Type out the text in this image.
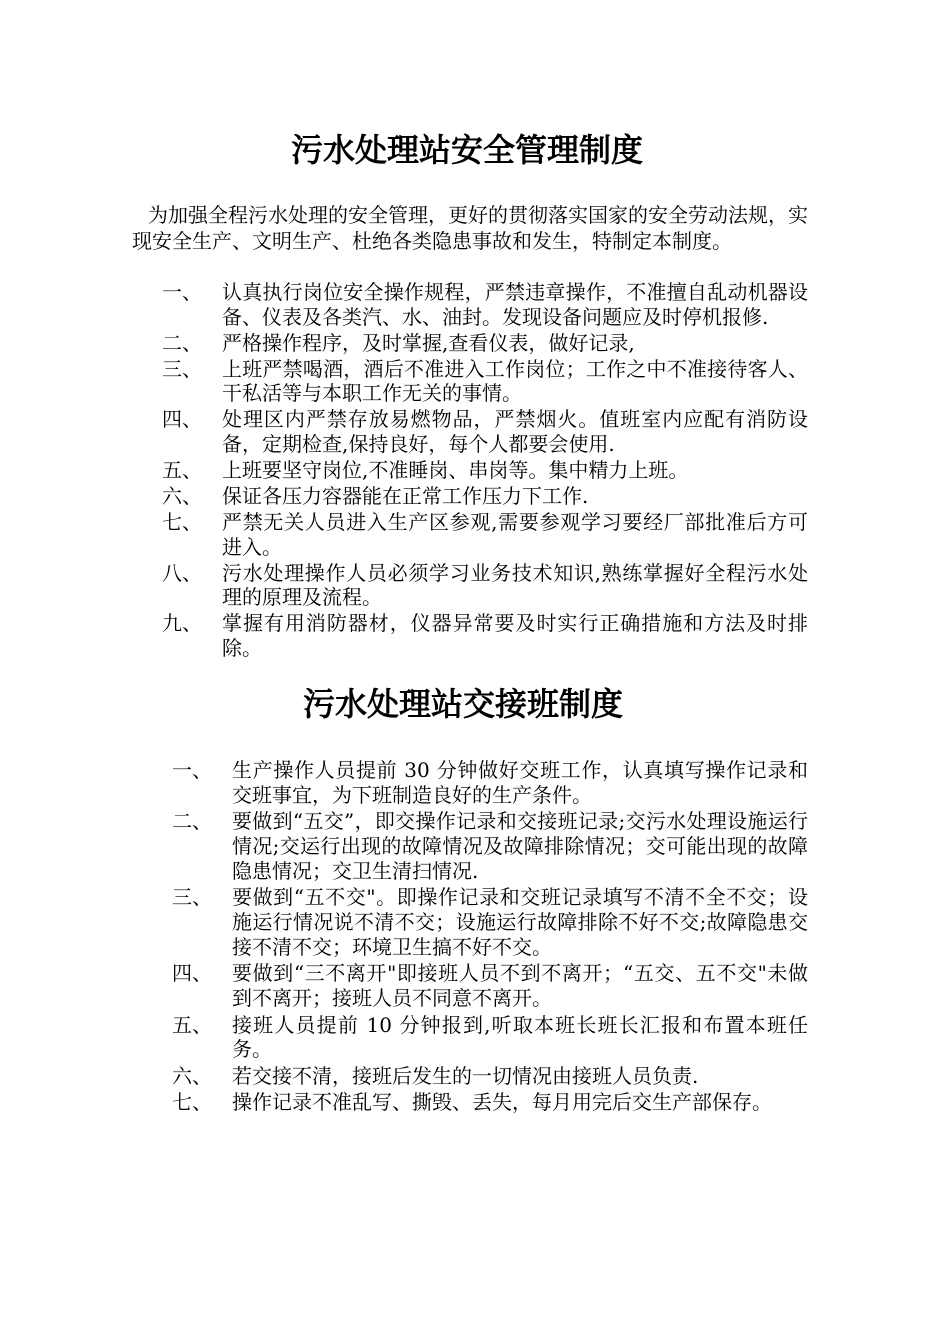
污水处理站安全管理制度

为加强全程污水处理的安全管理，更好的贯彻落实国家的安全劳动法规，实现安全生产、文明生产、杜绝各类隐患事故和发生，特制定本制度。

一、	认真执行岗位安全操作规程，严禁违章操作，不准擅自乱动机器设备、仪表及各类汽、水、油封。发现设备问题应及时停机报修.
二、	严格操作程序，及时掌握,查看仪表，做好记录,
三、	上班严禁喝酒，酒后不准进入工作岗位；工作之中不准接待客人、干私活等与本职工作无关的事情。
四、	处理区内严禁存放易燃物品，严禁烟火。值班室内应配有消防设备，定期检查,保持良好，每个人都要会使用.
五、	上班要坚守岗位,不准睡岗、串岗等。集中精力上班。
六、	保证各压力容器能在正常工作压力下工作.
七、	严禁无关人员进入生产区参观,需要参观学习要经厂部批准后方可进入。
八、	污水处理操作人员必须学习业务技术知识,熟练掌握好全程污水处理的原理及流程。
九、	掌握有用消防器材，仪器异常要及时实行正确措施和方法及时排除。
污水处理站交接班制度
一、	生产操作人员提前 30 分钟做好交班工作，认真填写操作记录和交班事宜，为下班制造良好的生产条件。
二、	要做到“五交”，即交操作记录和交接班记录;交污水处理设施运行情况;交运行出现的故障情况及故障排除情况；交可能出现的故障隐患情况；交卫生清扫情况.
三、	要做到“五不交"。即操作记录和交班记录填写不清不全不交；设施运行情况说不清不交；设施运行故障排除不好不交;故障隐患交接不清不交；环境卫生搞不好不交。
四、	要做到“三不离开"即接班人员不到不离开；“五交、五不交"未做到不离开；接班人员不同意不离开。
五、	接班人员提前 10 分钟报到,听取本班长班长汇报和布置本班任务。
六、	若交接不清，接班后发生的一切情况由接班人员负责.
七、	操作记录不准乱写、撕毁、丢失，每月用完后交生产部保存。
